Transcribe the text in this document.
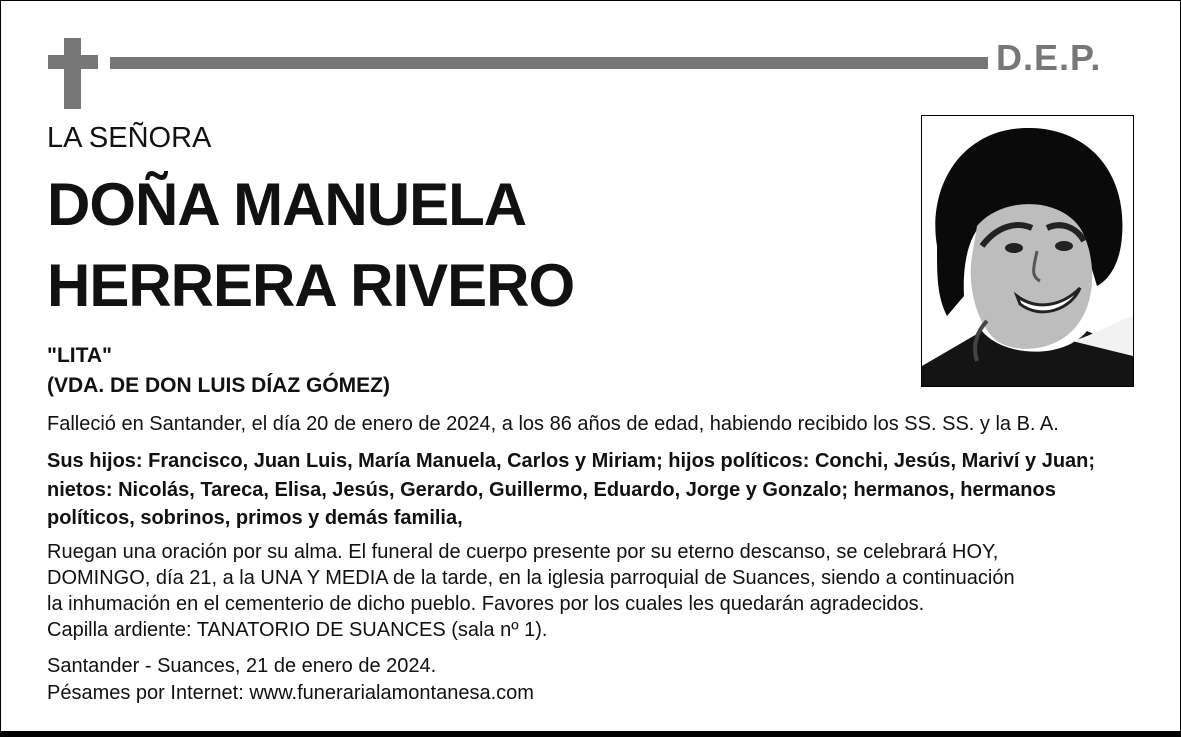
D.E.P.
LA SEÑORA
DOÑA MANUELA
HERRERA RIVERO
"LITA"
(VDA. DE DON LUIS DÍAZ GÓMEZ)
Falleció en Santander, el día 20 de enero de 2024, a los 86 años de edad, habiendo recibido los SS. SS. y la B. A.
Sus hijos: Francisco, Juan Luis, María Manuela, Carlos y Miriam; hijos políticos: Conchi, Jesús, Mariví y Juan;
nietos: Nicolás, Tareca, Elisa, Jesús, Gerardo, Guillermo, Eduardo, Jorge y Gonzalo; hermanos, hermanos
políticos, sobrinos, primos y demás familia,
Ruegan una oración por su alma. El funeral de cuerpo presente por su eterno descanso, se celebrará HOY,
DOMINGO, día 21, a la UNA Y MEDIA de la tarde, en la iglesia parroquial de Suances, siendo a continuación
la inhumación en el cementerio de dicho pueblo. Favores por los cuales les quedarán agradecidos.
Capilla ardiente: TANATORIO DE SUANCES (sala nº 1).
Santander - Suances, 21 de enero de 2024.
Pésames por Internet: www.funerarialamontanesa.com
